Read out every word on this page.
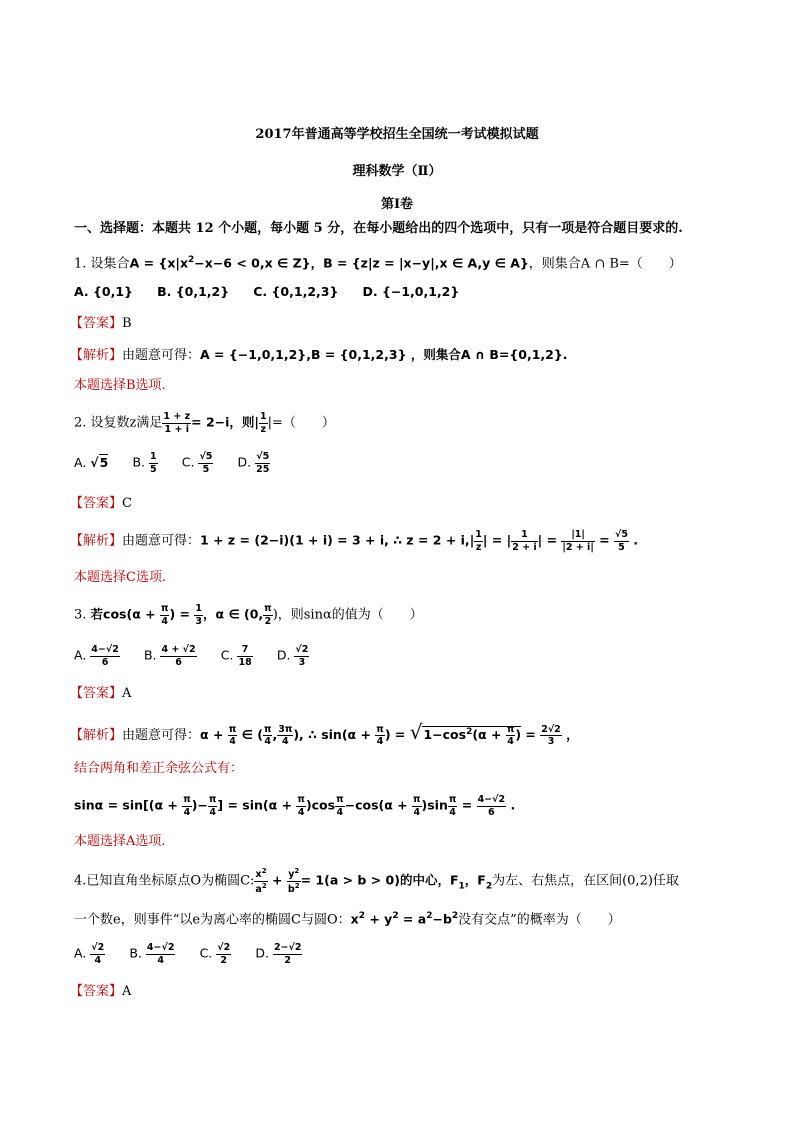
2017年普通高等学校招生全国统一考试模拟试题
理科数学（Ⅱ）
第Ⅰ卷
一、选择题：本题共 12 个小题，每小题 5 分，在每小题给出的四个选项中，只有一项是符合题目要求的.
1. 设集合$A = \{x|x^2-x-6 < 0,x$ ∈ Z}，B = {z|z = |x−y|,x ∈ A,y ∈ A}，则集合A ∩ B=（　　）
A. {0,1} B. {0,1,2} C. {0,1,2,3} D. {−1,0,1,2}
【答案】B
【解析】由题意可得：A = {−1,0,1,2},B = {0,1,2,3} ，则集合A ∩ B={0,1,2}.
本题选择B选项.
2. 设复数z满足 $\frac{1 + z}{1 + i} = 2-i$，则| $\frac{1}{z}$ |=（　　）
A. √5 B. $\frac{1}{5} C$. $\frac{√5}{5} D$. $\frac{√5}{25}$
【答案】C
【解析】由题意可得：1 + z = (2−i)(1 + i) = 3 + i, ∴ $z = 2 + i,| \frac{1}{z}$ | = | $\frac{1}{2 + i}$ | = $\frac{|1|}{|2 + i|} = \frac{√5}{5}$ .
本题选择C选项.
3. 若$\cos(\alpha + \frac{\pi}{4}$ ) = $\frac{1}{3}$ ，α ∈ (0, $\frac{\pi}{2}$ )，则sinα的值为（　　）
A. $\frac{4-√2}{6} B$. $\frac{4 + √2}{6} C$. $\frac{7}{18} D$. $\frac{√2}{3}$
【答案】A
【解析】由题意可得：$\alpha + \frac{\pi}{4}$ ∈ ( $\frac{\pi}{4}$ , $\frac{3\pi}{4}$ ), ∴ $\sin(\alpha + \frac{\pi}{4}$ ) = $√1-\cos^2(\alpha + \frac{\pi}{4}$ ) = $\frac{2√2}{3}$ ，
结合两角和差正余弦公式有：
$\sin\alpha = \sin[(\alpha + \frac{\pi}{4}$ )− $\frac{\pi}{4}$ ] = $\sin(\alpha + \frac{\pi}{4} )\cos \frac{\pi}{4} -\cos(\alpha + \frac{\pi}{4} )\sin \frac{\pi}{4} = \frac{4-√2}{6}$ .
本题选择A选项.
4.已知直角坐标原点O为椭圆C: $\frac{x^2}{a^2} + \frac{y^2}{b^2} = 1(a > b > 0)$的中心，$F_1$，$F_2$为左、右焦点，在区间(0,2)任取
一个数e，则事件“以e为离心率的椭圆C与圆O：$x^2 + y^2 = a^2-b^2$没有交点”的概率为（　　）
A. $\frac{√2}{4} B$. $\frac{4-√2}{4} C$. $\frac{√2}{2} D$. $\frac{2-√2}{2}$
【答案】A
